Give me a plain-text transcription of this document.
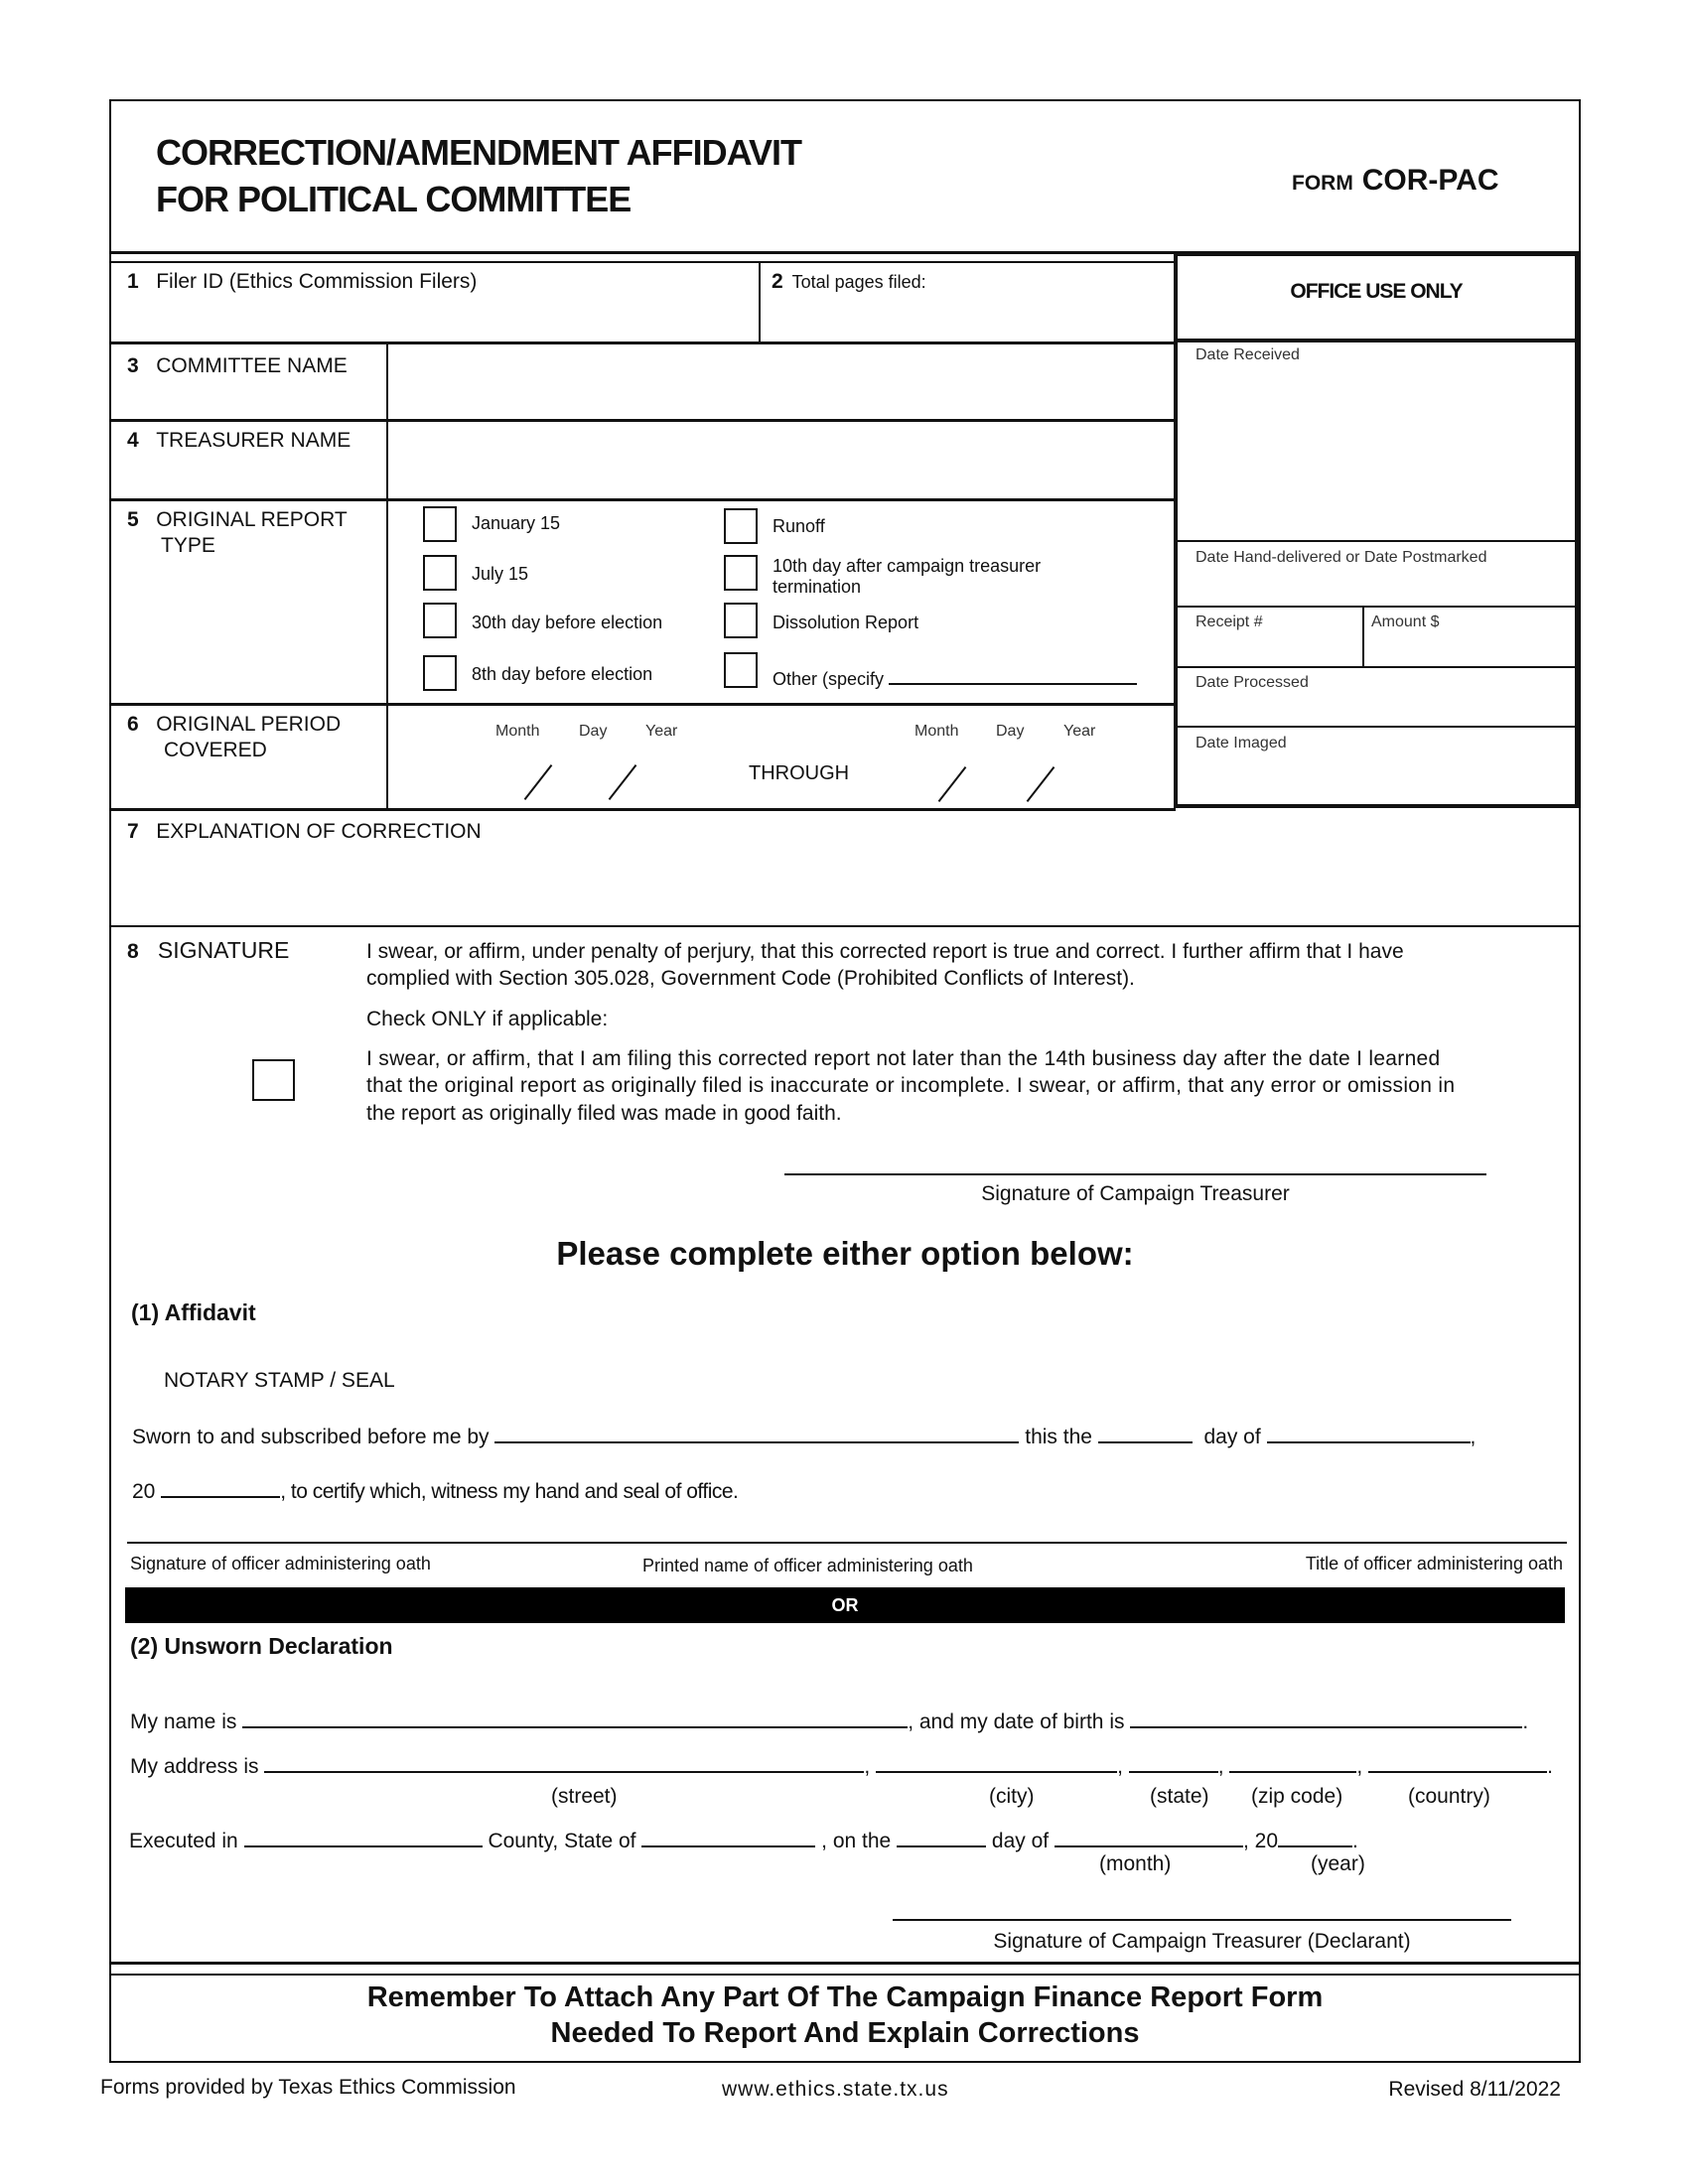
CORRECTION/AMENDMENT AFFIDAVIT
FOR POLITICAL COMMITTEE	FORM COR-PAC
1 Filer ID (Ethics Commission Filers)	2 Total pages filed:
3 COMMITTEE NAME
4 TREASURER NAME
5 ORIGINAL REPORT
TYPE
January 15
July 15
30th day before election
8th day before election
Runoff
10th day after campaign treasurer
termination
Dissolution Report
Other (specify
6 ORIGINAL PERIOD
COVERED
Month Day Year
THROUGH
Month Day Year
OFFICE USE ONLY
Date Received
Date Hand-delivered or Date Postmarked
Receipt #	Amount $
Date Processed
Date Imaged
7 EXPLANATION OF CORRECTION
8 SIGNATURE	I swear, or affirm, under penalty of perjury, that this corrected report is true and correct. I further affirm that I have
complied with Section 305.028, Government Code (Prohibited Conflicts of Interest).
Check ONLY if applicable:
I swear, or affirm, that I am filing this corrected report not later than the 14th business day after the date I learned
that the original report as originally filed is inaccurate or incomplete. I swear, or affirm, that any error or omission in
the report as originally filed was made in good faith.
Signature of Campaign Treasurer
Please complete either option below:
(1) Affidavit
NOTARY STAMP / SEAL
Sworn to and subscribed before me by	this the	day of	,
20	, to certify which, witness my hand and seal of office.
Signature of officer administering oath	Printed name of officer administering oath	Title of officer administering oath
OR
(2) Unsworn Declaration
My name is	, and my date of birth is	.
My address is	,	,	,	,	.
(street)	(city)	(state) (zip code)	(country)
Executed in	County, State of	, on the	day of	, 20	.
(month)	(year)
Signature of Campaign Treasurer (Declarant)
Remember To Attach Any Part Of The Campaign Finance Report Form
Needed To Report And Explain Corrections
Forms provided by Texas Ethics Commission	www.ethics.state.tx.us	Revised 8/11/2022
